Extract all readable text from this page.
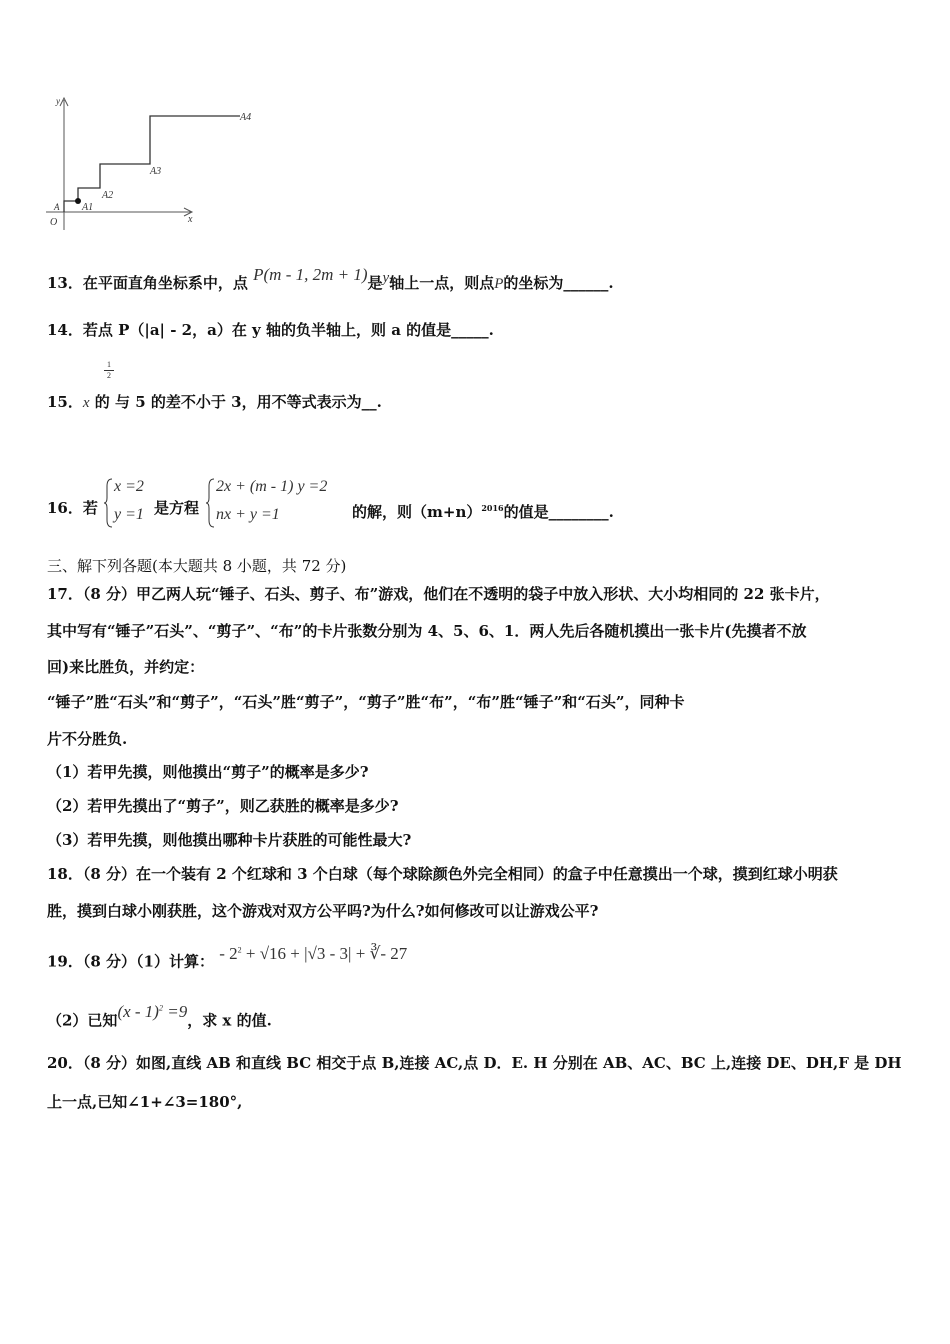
y
x
O
A A1
A2
A3
A4
13．在平面直角坐标系中，点 P(m - 1, 2m + 1)是y轴上一点，则点P的坐标为______.
14．若点 P（|a| - 2，a）在 y 轴的负半轴上，则 a 的值是_____.
$\frac{1}{2}$
15．x 的 与 5 的差不小于 3，用不等式表示为__.
16．若
x =2
y =1 是方程
2x + (m - 1) y =2
nx + y =1	的解，则$(m+n)^{2016}$的值是________.
三、解下列各题(本大题共 8 小题，共 72 分)
17．（8 分）甲乙两人玩“锤子、石头、剪子、布”游戏，他们在不透明的袋子中放入形状、大小均相同的 22 张卡片，
其中写有“锤子”石头”、“剪子”、“布”的卡片张数分别为 4、5、6、1．两人先后各随机摸出一张卡片(先摸者不放
回)来比胜负，并约定：
“锤子”胜“石头”和“剪子”，“石头”胜“剪子”，“剪子”胜“布”，“布”胜“锤子”和“石头”，同种卡
片不分胜负.
（1）若甲先摸，则他摸出“剪子”的概率是多少?
（2）若甲先摸出了“剪子”，则乙获胜的概率是多少?
（3）若甲先摸，则他摸出哪种卡片获胜的可能性最大?
18．（8 分）在一个装有 2 个红球和 3 个白球（每个球除颜色外完全相同）的盒子中任意摸出一个球，摸到红球小明获
胜，摸到白球小刚获胜，这个游戏对双方公平吗?为什么?如何修改可以让游戏公平?
19．（8 分）（1）计算： - $2^2 + √16 + |√3 - 3|$ + ∛- 27
（2）已知(x - 1)$^2$ =9，求 x 的值.
20．（8 分）如图,直线 AB 和直线 BC 相交于点 B,连接 AC,点 D．E. H 分别在 AB、AC、BC 上,连接 DE、DH,F 是 DH
上一点,已知∠1+∠3=180°,
